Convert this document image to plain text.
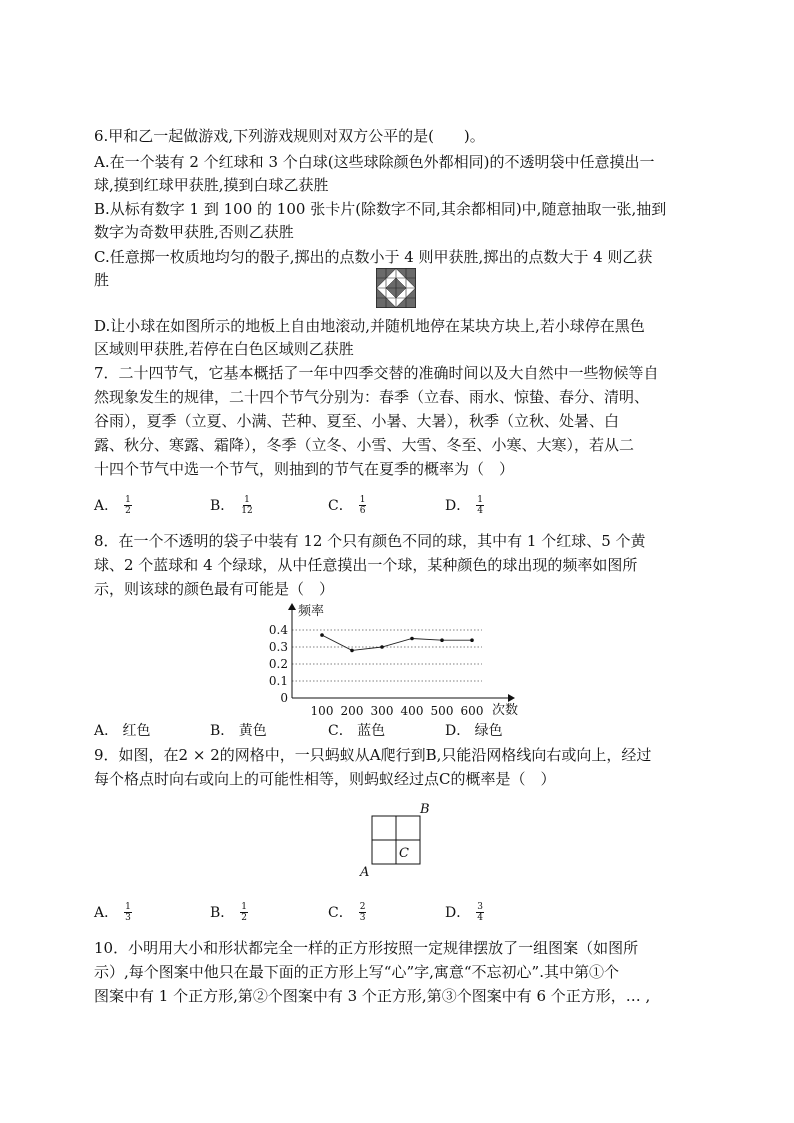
6.甲和乙一起做游戏,下列游戏规则对双方公平的是(　　)。
A.在一个装有 2 个红球和 3 个白球(这些球除颜色外都相同)的不透明袋中任意摸出一
球,摸到红球甲获胜,摸到白球乙获胜
B.从标有数字 1 到 100 的 100 张卡片(除数字不同,其余都相同)中,随意抽取一张,抽到
数字为奇数甲获胜,否则乙获胜
C.任意掷一枚质地均匀的骰子,掷出的点数小于 4 则甲获胜,掷出的点数大于 4 则乙获
胜
D.让小球在如图所示的地板上自由地滚动,并随机地停在某块方块上,若小球停在黑色
区域则甲获胜,若停在白色区域则乙获胜
7．二十四节气，它基本概括了一年中四季交替的准确时间以及大自然中一些物候等自
然现象发生的规律，二十四个节气分别为：春季（立春、雨水、惊蛰、春分、清明、
谷雨），夏季（立夏、小满、芒种、夏至、小暑、大暑），秋季（立秋、处暑、白
露、秋分、寒露、霜降），冬季（立冬、小雪、大雪、冬至、小寒、大寒），若从二
十四个节气中选一个节气，则抽到的节气在夏季的概率为（　）
A． $\frac{1}{2}$	B． $\frac{1}{12}$	C． $\frac{1}{6}$	D． $\frac{1}{4}$
8．在一个不透明的袋子中装有 12 个只有颜色不同的球，其中有 1 个红球、5 个黄
球、2 个蓝球和 4 个绿球，从中任意摸出一个球，某种颜色的球出现的频率如图所
示，则该球的颜色最有可能是（　）
频率
次数
0
0.1
0.2
0.3
0.4
100 200 300 400 500 600
A． 红色	B． 黄色	C． 蓝色	D． 绿色
9．如图，在2 × 2的网格中，一只蚂蚁从A爬行到B,只能沿网格线向右或向上，经过
每个格点时向右或向上的可能性相等，则蚂蚁经过点C的概率是（　）
A
B
C
A． $\frac{1}{3}$	B． $\frac{1}{2}$	C． $\frac{2}{3}$	D． $\frac{3}{4}$
10．小明用大小和形状都完全一样的正方形按照一定规律摆放了一组图案（如图所
示）,每个图案中他只在最下面的正方形上写“心”字,寓意“不忘初心”.其中第①个
图案中有 1 个正方形,第②个图案中有 3 个正方形,第③个图案中有 6 个正方形，… ,
